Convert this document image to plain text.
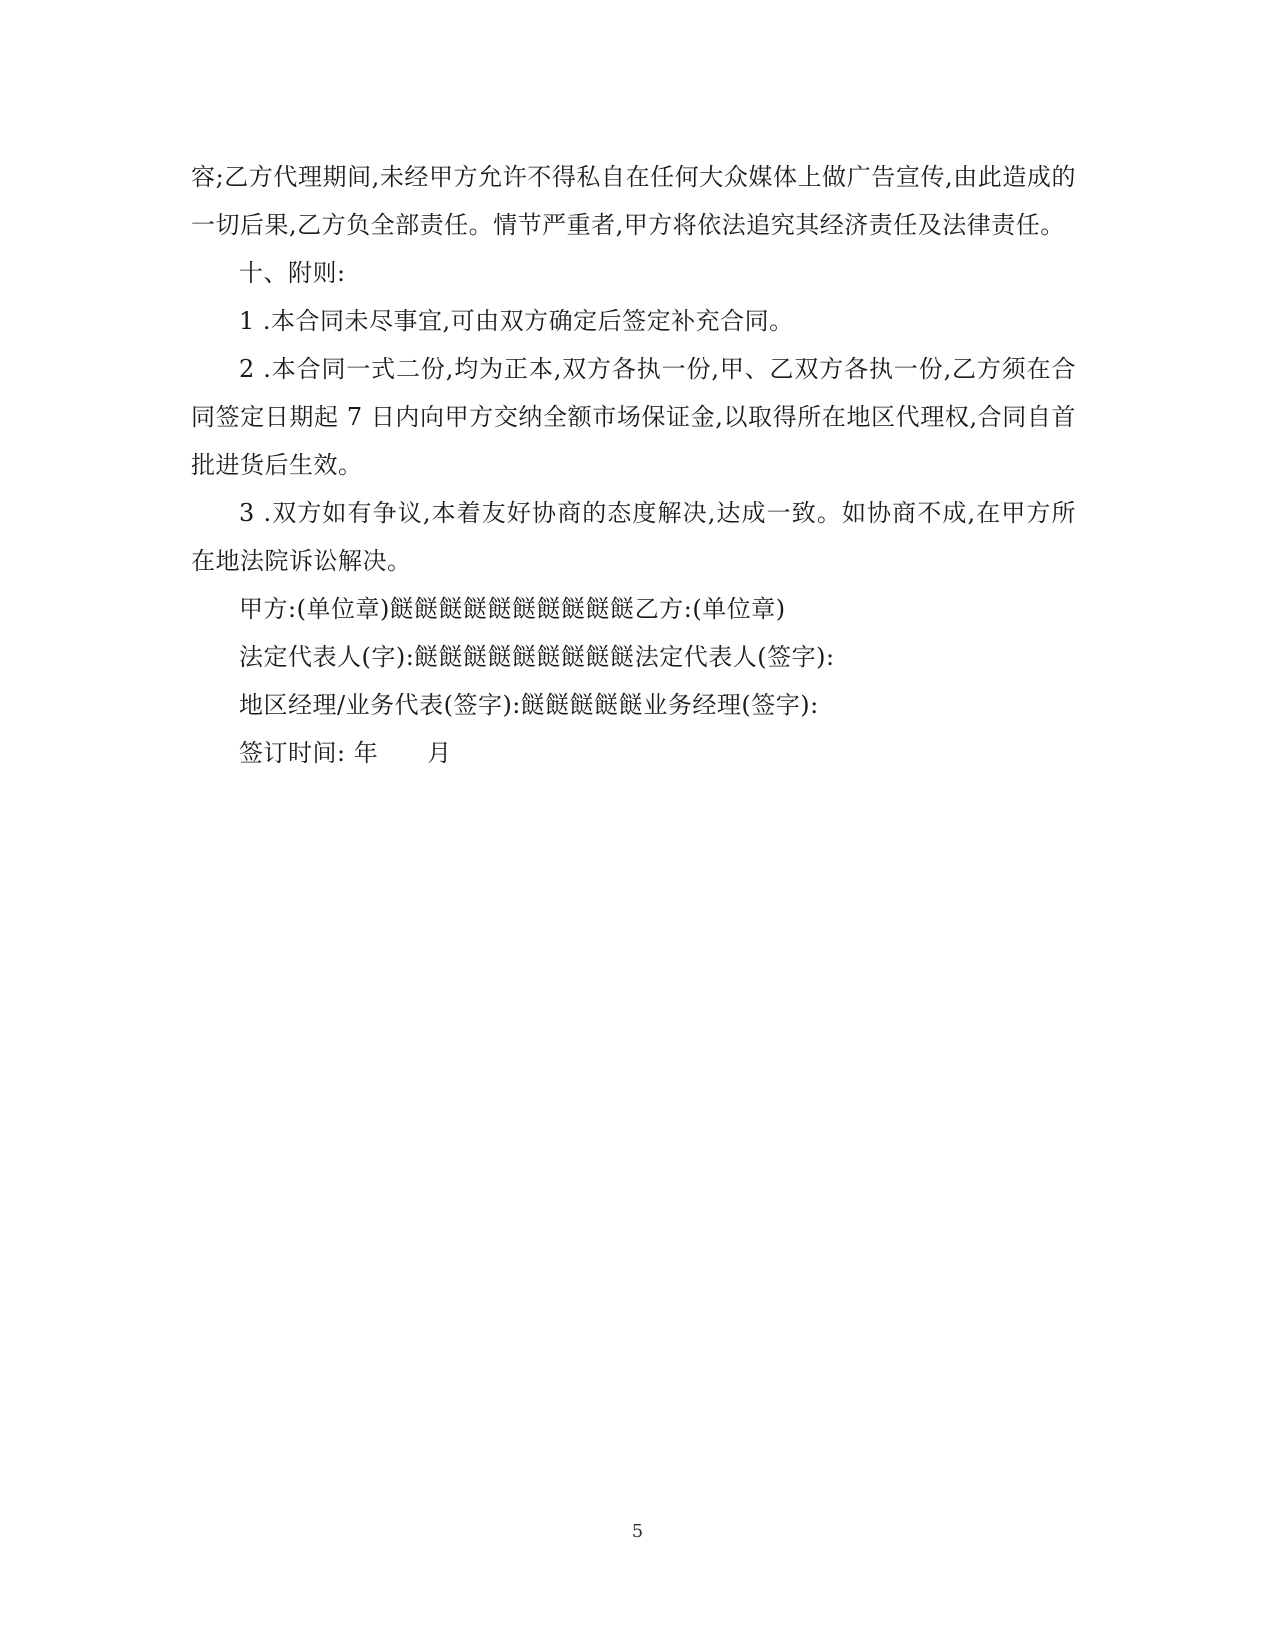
容;乙方代理期间,未经甲方允许不得私自在任何大众媒体上做广告宣传,由此造成的一切后果,乙方负全部责任。情节严重者,甲方将依法追究其经济责任及法律责任。

十、附则:

1 .本合同未尽事宜,可由双方确定后签定补充合同。

2 .本合同一式二份,均为正本,双方各执一份,甲、乙双方各执一份,乙方须在合同签定日期起 7 日内向甲方交纳全额市场保证金,以取得所在地区代理权,合同自首批进货后生效。

3 .双方如有争议,本着友好协商的态度解决,达成一致。如协商不成,在甲方所在地法院诉讼解决。

甲方:(单位章)餸餸餸餸餸餸餸餸餸餸乙方:(单位章)

法定代表人(字):餸餸餸餸餸餸餸餸餸法定代表人(签字):

地区经理/业务代表(签字):餸餸餸餸餸业务经理(签字):

签订时间: 年　　月

5
